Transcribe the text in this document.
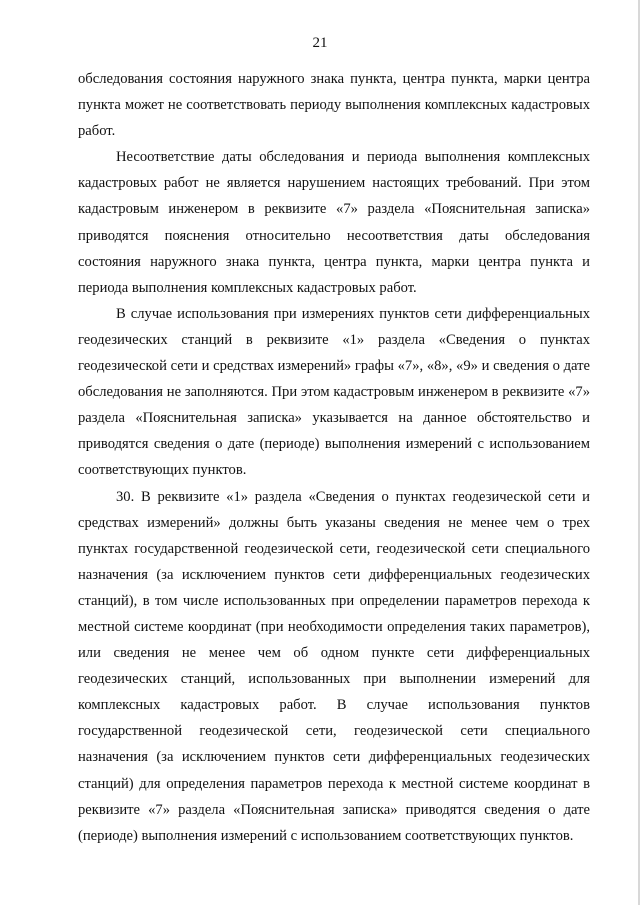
21

обследования состояния наружного знака пункта, центра пункта, марки центра пункта может не соответствовать периоду выполнения комплексных кадастровых работ.

Несоответствие даты обследования и периода выполнения комплексных кадастровых работ не является нарушением настоящих требований. При этом кадастровым инженером в реквизите «7» раздела «Пояснительная записка» приводятся пояснения относительно несоответствия даты обследования состояния наружного знака пункта, центра пункта, марки центра пункта и периода выполнения комплексных кадастровых работ.

В случае использования при измерениях пунктов сети дифференциальных геодезических станций в реквизите «1» раздела «Сведения о пунктах геодезической сети и средствах измерений» графы «7», «8», «9» и сведения о дате обследования не заполняются. При этом кадастровым инженером в реквизите «7» раздела «Пояснительная записка» указывается на данное обстоятельство и приводятся сведения о дате (периоде) выполнения измерений с использованием соответствующих пунктов.

30. В реквизите «1» раздела «Сведения о пунктах геодезической сети и средствах измерений» должны быть указаны сведения не менее чем о трех пунктах государственной геодезической сети, геодезической сети специального назначения (за исключением пунктов сети дифференциальных геодезических станций), в том числе использованных при определении параметров перехода к местной системе координат (при необходимости определения таких параметров), или сведения не менее чем об одном пункте сети дифференциальных геодезических станций, использованных при выполнении измерений для комплексных кадастровых работ. В случае использования пунктов государственной геодезической сети, геодезической сети специального назначения (за исключением пунктов сети дифференциальных геодезических станций) для определения параметров перехода к местной системе координат в реквизите «7» раздела «Пояснительная записка» приводятся сведения о дате (периоде) выполнения измерений с использованием соответствующих пунктов.
